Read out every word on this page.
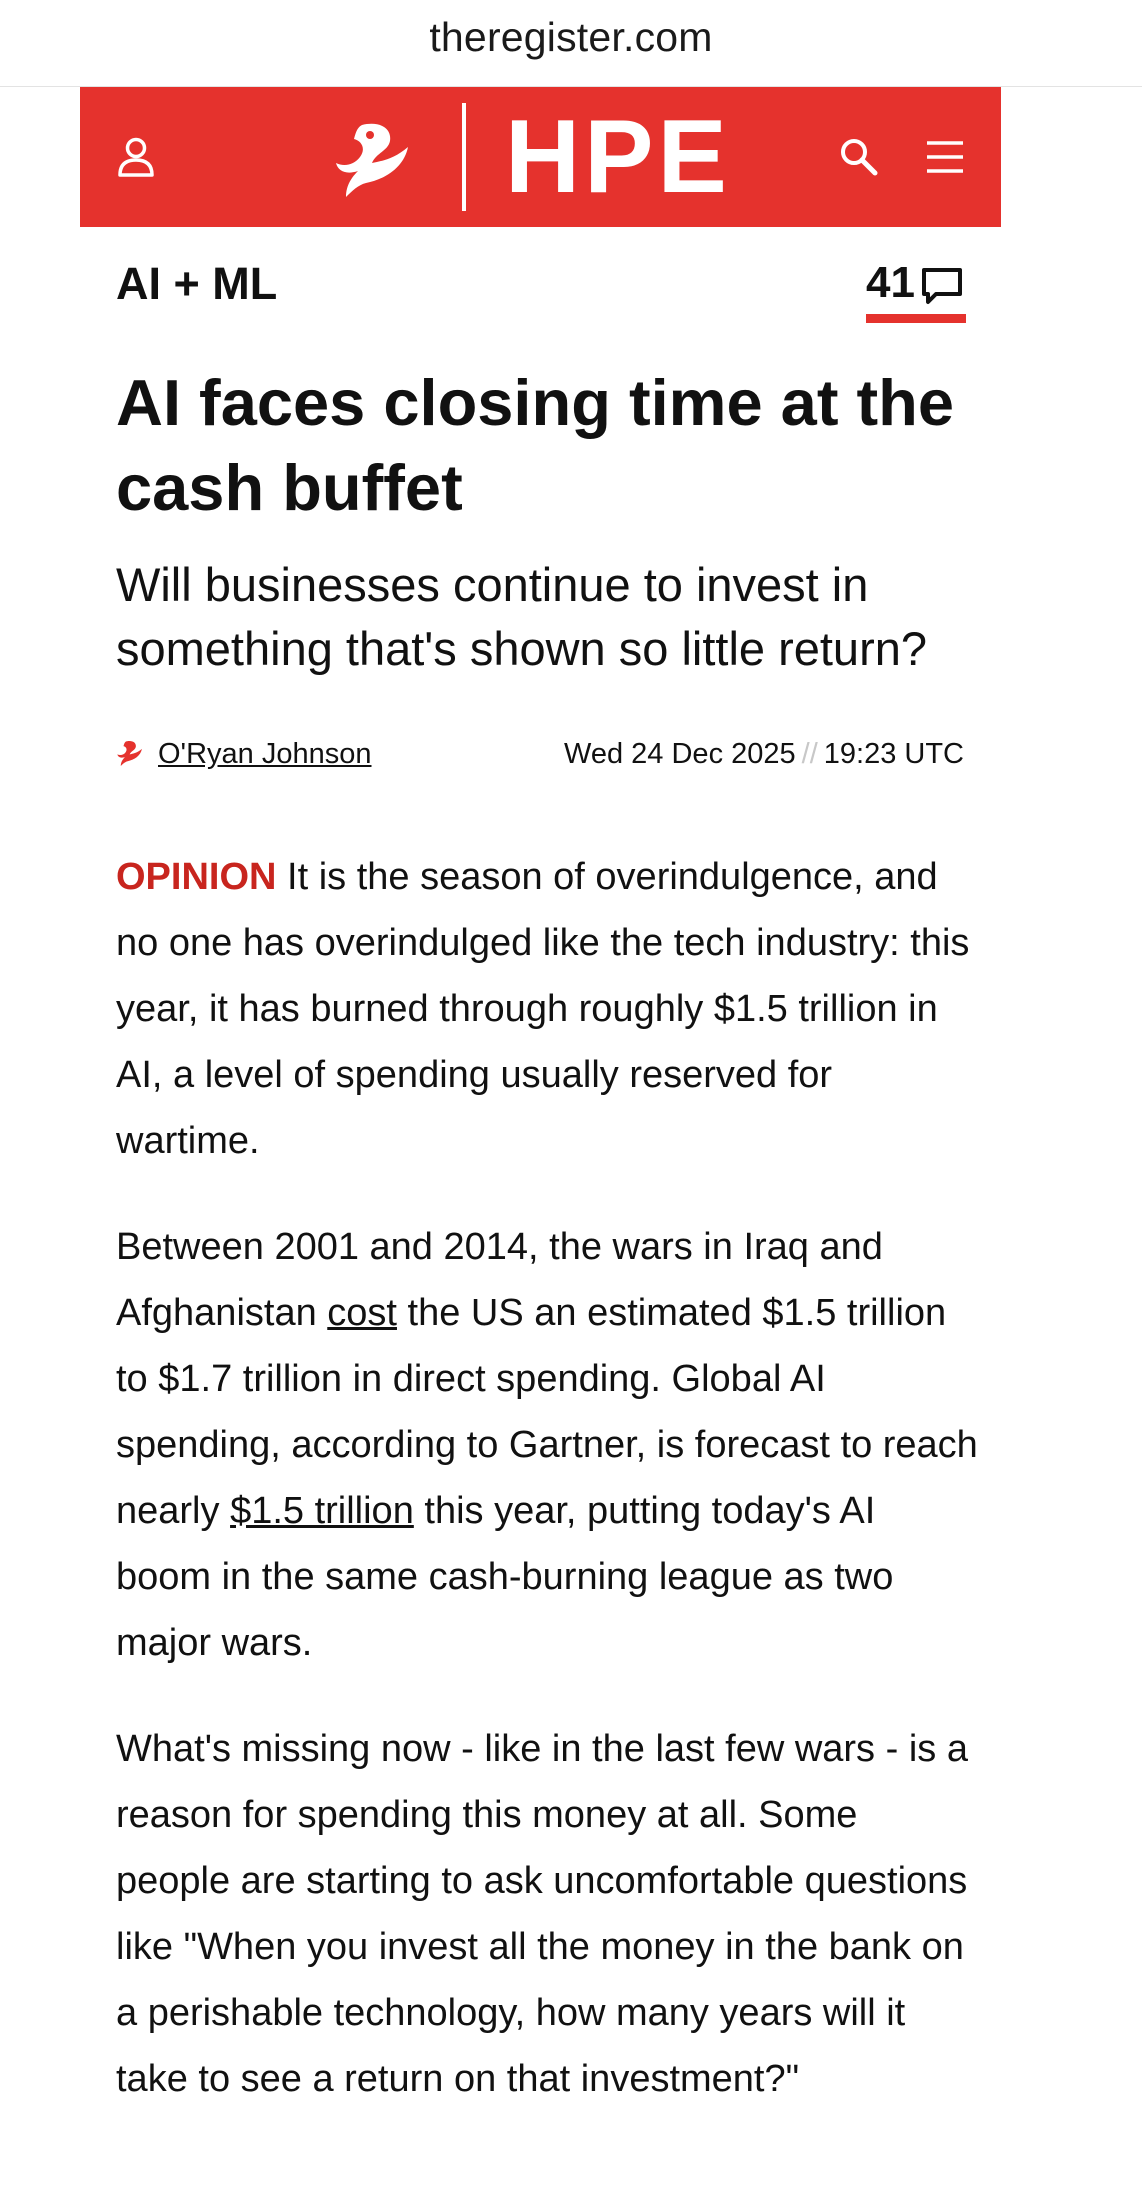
theregister.com
HPE
AI + ML	41
AI faces closing time at the cash buffet
Will businesses continue to invest in something that's shown so little return?
O'Ryan Johnson	Wed 24 Dec 2025 // 19:23 UTC

OPINION It is the season of overindulgence, and no one has overindulged like the tech industry: this year, it has burned through roughly $1.5 trillion in AI, a level of spending usually reserved for wartime.

Between 2001 and 2014, the wars in Iraq and Afghanistan cost the US an estimated $1.5 trillion to $1.7 trillion in direct spending. Global AI spending, according to Gartner, is forecast to reach nearly $1.5 trillion this year, putting today's AI boom in the same cash-burning league as two major wars.

What's missing now - like in the last few wars - is a reason for spending this money at all. Some people are starting to ask uncomfortable questions like "When you invest all the money in the bank on a perishable technology, how many years will it take to see a return on that investment?"
